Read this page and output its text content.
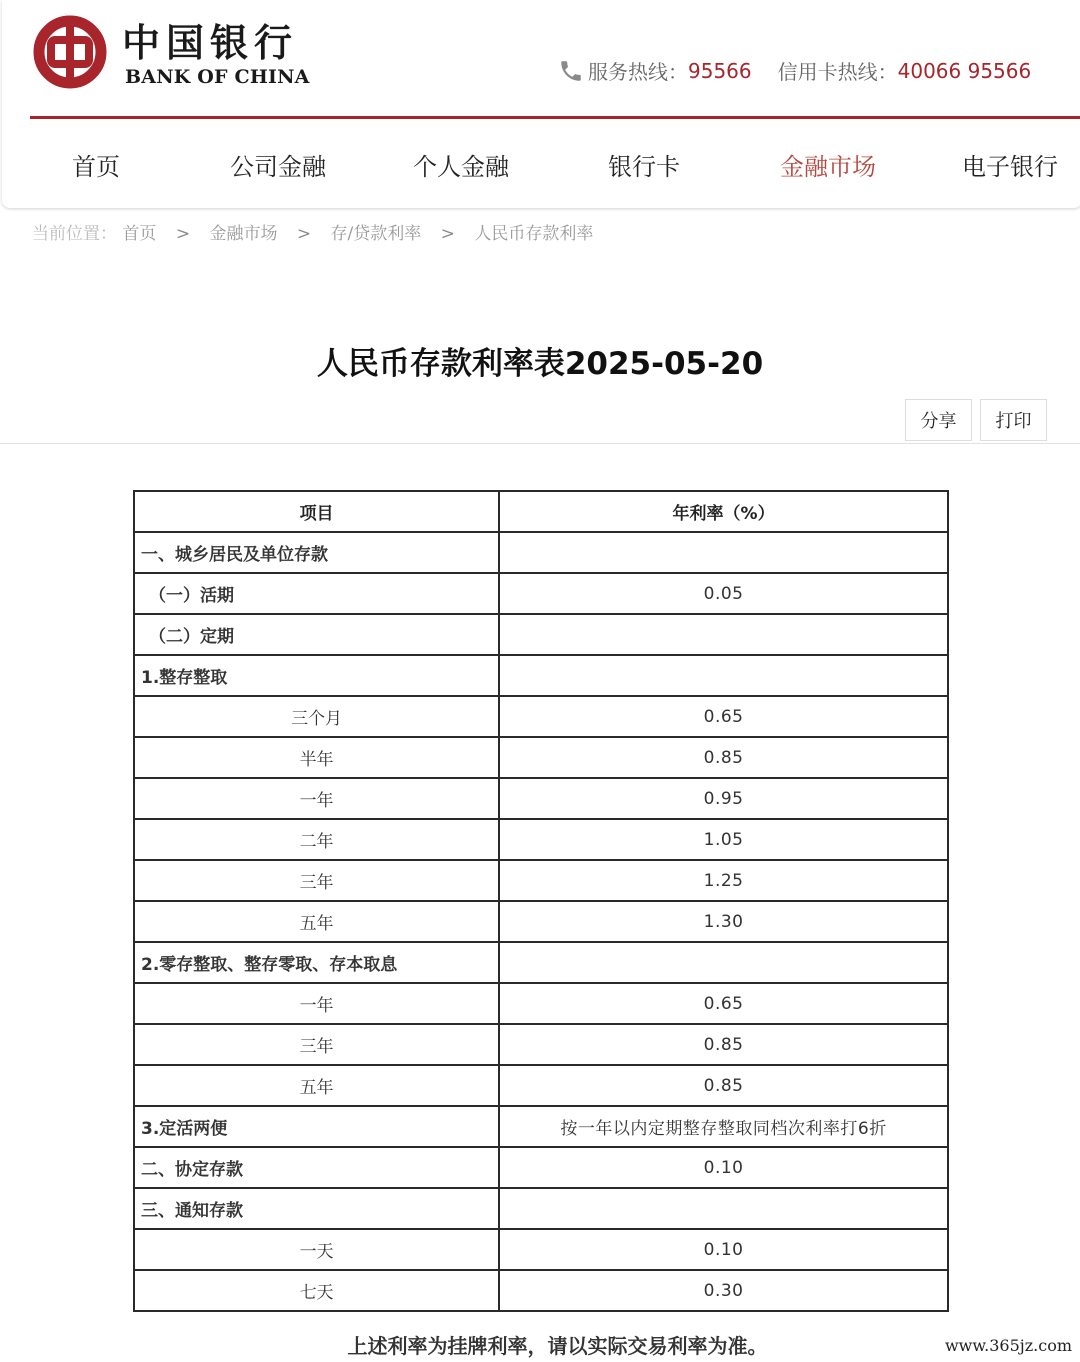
中国银行
BANK OF CHINA	服务热线： 95566 信用卡热线： 40066 95566
首页	公司金融	个人金融	银行卡	金融市场	电子银行
当前位置： 首页 > 金融市场 > 存/贷款利率 > 人民币存款利率
人民币存款利率表2025-05-20
分享	打印
项目	年利率（%）
一、城乡居民及单位存款	
（一）活期	0.05
（二）定期	
1.整存整取	
三个月	0.65
半年	0.85
一年	0.95
二年	1.05
三年	1.25
五年	1.30
2.零存整取、整存零取、存本取息	
一年	0.65
三年	0.85
五年	0.85
3.定活两便	按一年以内定期整存整取同档次利率打6折
二、协定存款	0.10
三、通知存款	
一天	0.10
七天	0.30
上述利率为挂牌利率，请以实际交易利率为准。	www.365jz.com
